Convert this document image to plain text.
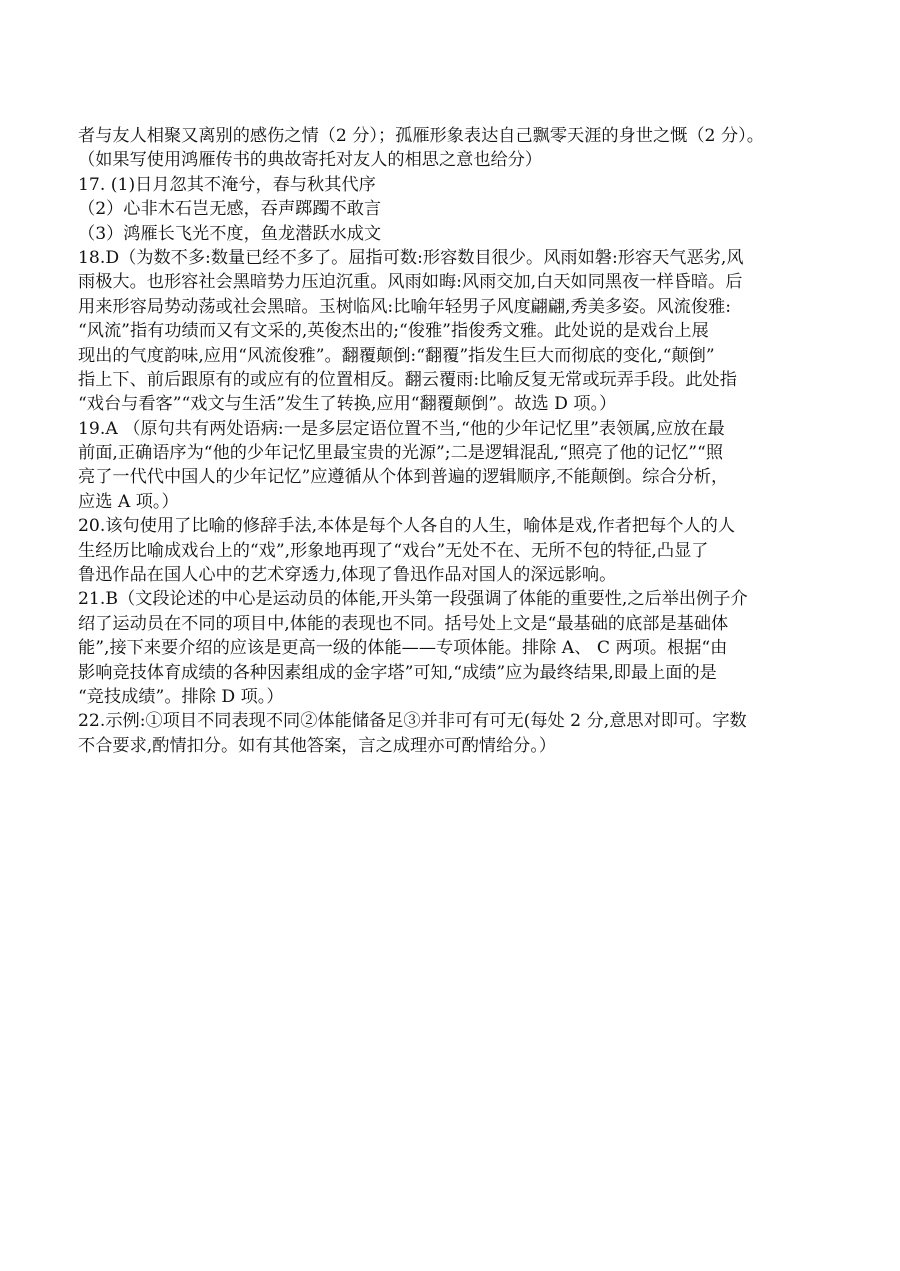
者与友人相聚又离别的感伤之情（2 分）；孤雁形象表达自己飘零天涯的身世之慨（2 分）。
（如果写使用鸿雁传书的典故寄托对友人的相思之意也给分）
17. (1)日月忽其不淹兮，春与秋其代序
（2）心非木石岂无感，吞声踯躅不敢言
（3）鸿雁长飞光不度，鱼龙潜跃水成文
18.D（为数不多:数量已经不多了。屈指可数:形容数目很少。风雨如磐:形容天气恶劣,风
雨极大。也形容社会黑暗势力压迫沉重。风雨如晦:风雨交加,白天如同黑夜一样昏暗。后
用来形容局势动荡或社会黑暗。玉树临风:比喻年轻男子风度翩翩,秀美多姿。风流俊雅:
“风流”指有功绩而又有文采的,英俊杰出的;“俊雅”指俊秀文雅。此处说的是戏台上展
现出的气度韵味,应用“风流俊雅”。翻覆颠倒:“翻覆”指发生巨大而彻底的变化,“颠倒”
指上下、前后跟原有的或应有的位置相反。翻云覆雨:比喻反复无常或玩弄手段。此处指
“戏台与看客”“戏文与生活”发生了转换,应用“翻覆颠倒”。故选 D 项。）
19.A （原句共有两处语病:一是多层定语位置不当,“他的少年记忆里”表领属,应放在最
前面,正确语序为“他的少年记忆里最宝贵的光源”;二是逻辑混乱,“照亮了他的记忆”“照
亮了一代代中国人的少年记忆”应遵循从个体到普遍的逻辑顺序,不能颠倒。综合分析，
应选 A 项。）
20.该句使用了比喻的修辞手法,本体是每个人各自的人生，喻体是戏,作者把每个人的人
生经历比喻成戏台上的“戏”,形象地再现了“戏台”无处不在、无所不包的特征,凸显了
鲁迅作品在国人心中的艺术穿透力,体现了鲁迅作品对国人的深远影响。
21.B（文段论述的中心是运动员的体能,开头第一段强调了体能的重要性,之后举出例子介
绍了运动员在不同的项目中,体能的表现也不同。括号处上文是“最基础的底部是基础体
能”,接下来要介绍的应该是更高一级的体能——专项体能。排除 A、 C 两项。根据“由
影响竞技体育成绩的各种因素组成的金字塔”可知,“成绩”应为最终结果,即最上面的是
“竞技成绩”。排除 D 项。）
22.示例:①项目不同表现不同②体能储备足③并非可有可无(每处 2 分,意思对即可。字数
不合要求,酌情扣分。如有其他答案，言之成理亦可酌情给分。）
